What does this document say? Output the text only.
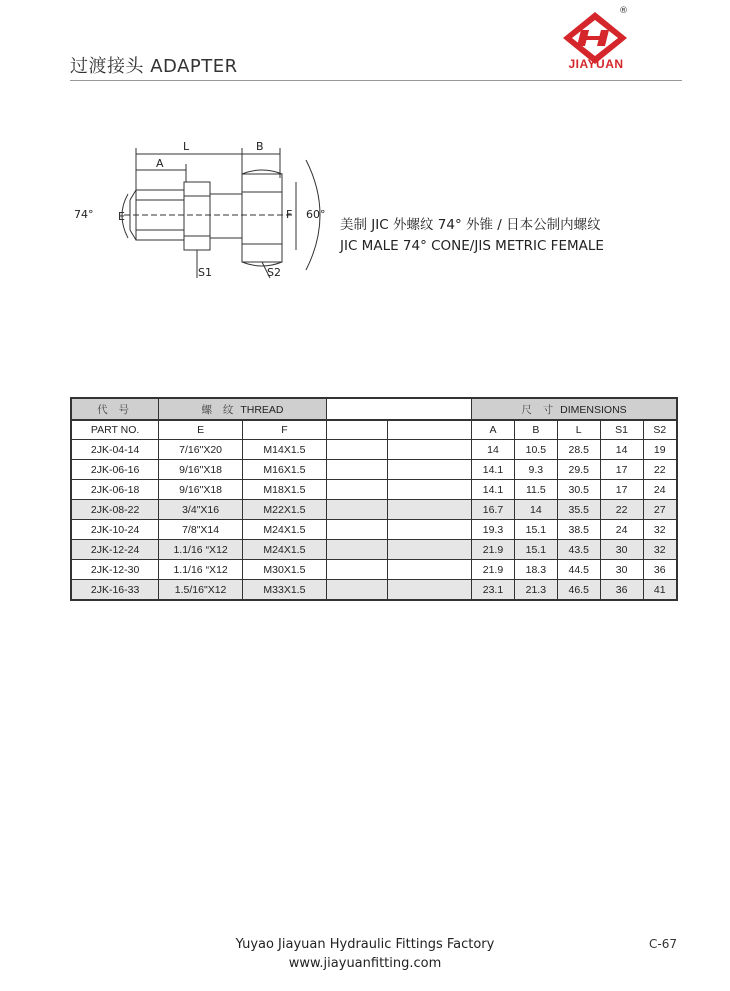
过渡接头 ADAPTER
®
JIAYUAN
L	B
A
E	F
74°	60°
S1	S2
美制 JIC 外螺纹 74° 外锥 / 日本公制内螺纹
JIC MALE 74° CONE/JIS METRIC FEMALE
代 号	螺 纹 THREAD				尺 寸 DIMENSIONS				
PART NO.	E	F			A	B	L	S1	S2
2JK-04-14	7/16"X20	M14X1.5			14	10.5	28.5	14	19
2JK-06-16	9/16"X18	M16X1.5			14.1	9.3	29.5	17	22
2JK-06-18	9/16"X18	M18X1.5			14.1	11.5	30.5	17	24
2JK-08-22	3/4"X16	M22X1.5			16.7	14	35.5	22	27
2JK-10-24	7/8"X14	M24X1.5			19.3	15.1	38.5	24	32
2JK-12-24	1.1/16 “X12	M24X1.5			21.9	15.1	43.5	30	32
2JK-12-30	1.1/16 “X12	M30X1.5			21.9	18.3	44.5	30	36
2JK-16-33	1.5/16"X12	M33X1.5			23.1	21.3	46.5	36	41
Yuyao Jiayuan Hydraulic Fittings Factory
www.jiayuanfitting.com
C-67
